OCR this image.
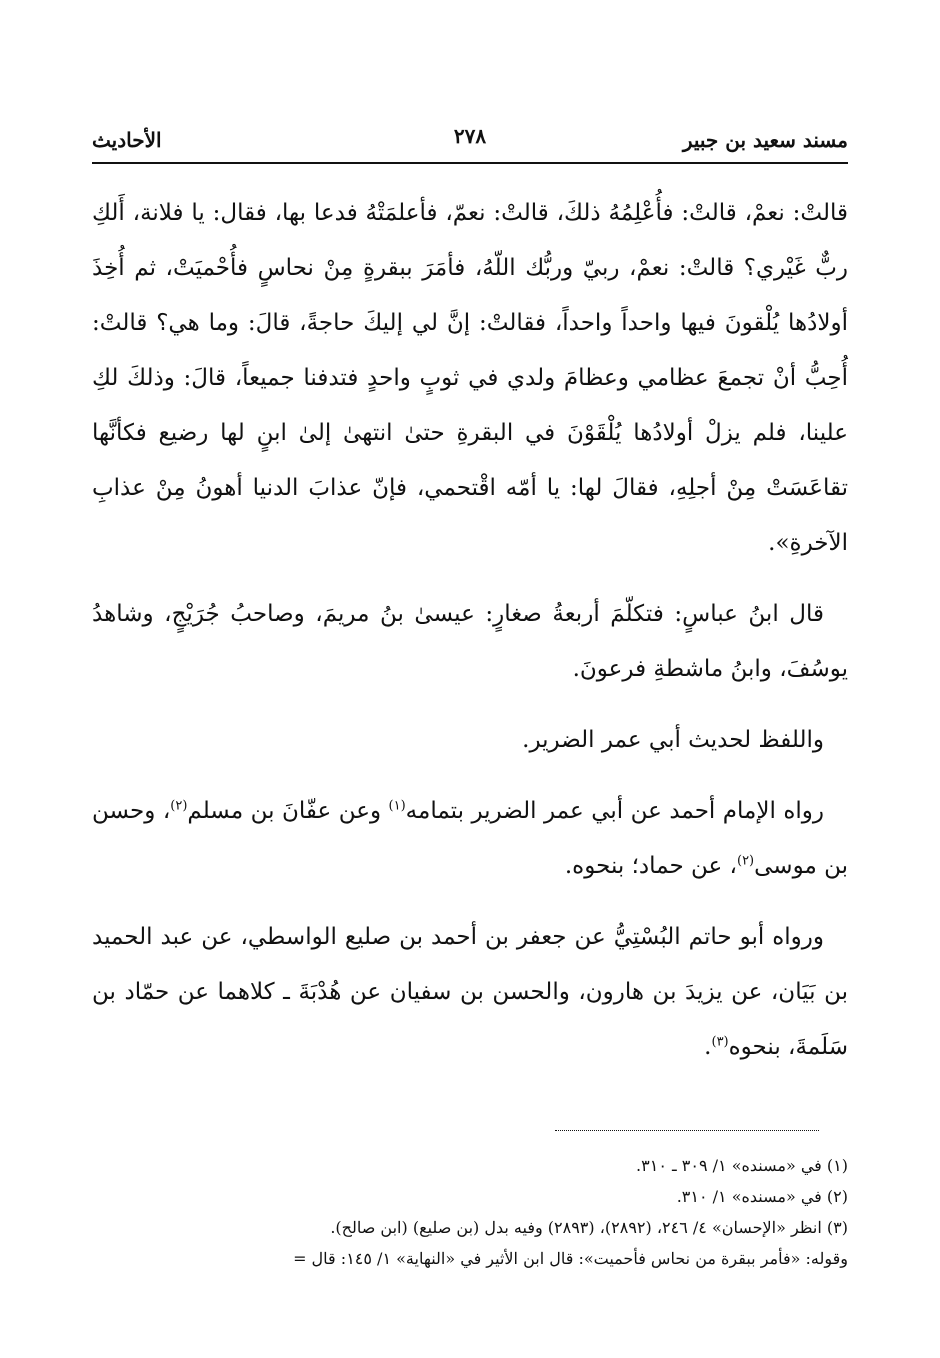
مسند سعيد بن جبير
٢٧٨
الأحاديث

قالتْ: نعمْ، قالتْ: فأُعْلِمُهُ ذلكَ، قالتْ: نعمّ، فأعلمَتْهُ فدعا بها، فقال: يا فلانة، أَلكِ ربٌّ غَيْري؟ قالتْ: نعمْ، ربيّ وربُّك اللّهُ، فأمَرَ ببقرةٍ مِنْ نحاسٍ فأُحْميَتْ، ثم أُخِذَ أولادُها يُلْقونَ فيها واحداً واحداً، فقالتْ: إنَّ لي إليكَ حاجةً، قالَ: وما هي؟ قالتْ: أُحِبُّ أنْ تجمعَ عظامي وعظامَ ولدي في ثوبٍ واحدٍ فتدفنا جميعاً، قالَ: وذلكَ لكِ علينا، فلم يزلْ أولادُها يُلْقَوْنَ في البقرةِ حتىٰ انتهىٰ إلىٰ ابنٍ لها رضيع فكأنَّها تقاعَسَتْ مِنْ أجلِهِ، فقالَ لها: يا أمّه اقْتحمي، فإنّ عذابَ الدنيا أهونُ مِنْ عذابِ الآخرةِ».

قال ابنُ عباسٍ: فتكلّمَ أربعةُ صغارٍ: عيسىٰ بنُ مريمَ، وصاحبُ جُرَيْجٍ، وشاهدُ يوسُفَ، وابنُ ماشطةِ فرعونَ.

واللفظ لحديث أبي عمر الضرير.

رواه الإمام أحمد عن أبي عمر الضرير بتمامه$^{(١)}$ وعن عفّانَ بن مسلم$^{(٢)}$، وحسن بن موسى$^{(٢)}$، عن حماد؛ بنحوه.

ورواه أبو حاتم البُسْتِيُّ عن جعفر بن أحمد بن صليع الواسطي، عن عبد الحميد بن بَيَان، عن يزيدَ بن هارون، والحسن بن سفيان عن هُدْبَةَ ـ كلاهما عن حمّاد بن سَلَمةَ، بنحوه$^{(٣)}$.

(١) في «مسنده» ١/ ٣٠٩ ـ ٣١٠.
(٢) في «مسنده» ١/ ٣١٠.
(٣) انظر «الإحسان» ٤/ ٢٤٦، (٢٨٩٢)، (٢٨٩٣) وفيه بدل (بن صليع) (ابن صالح).
وقوله: «فأمر ببقرة من نحاس فأحميت»: قال ابن الأثير في «النهاية» ١/ ١٤٥: قال =
